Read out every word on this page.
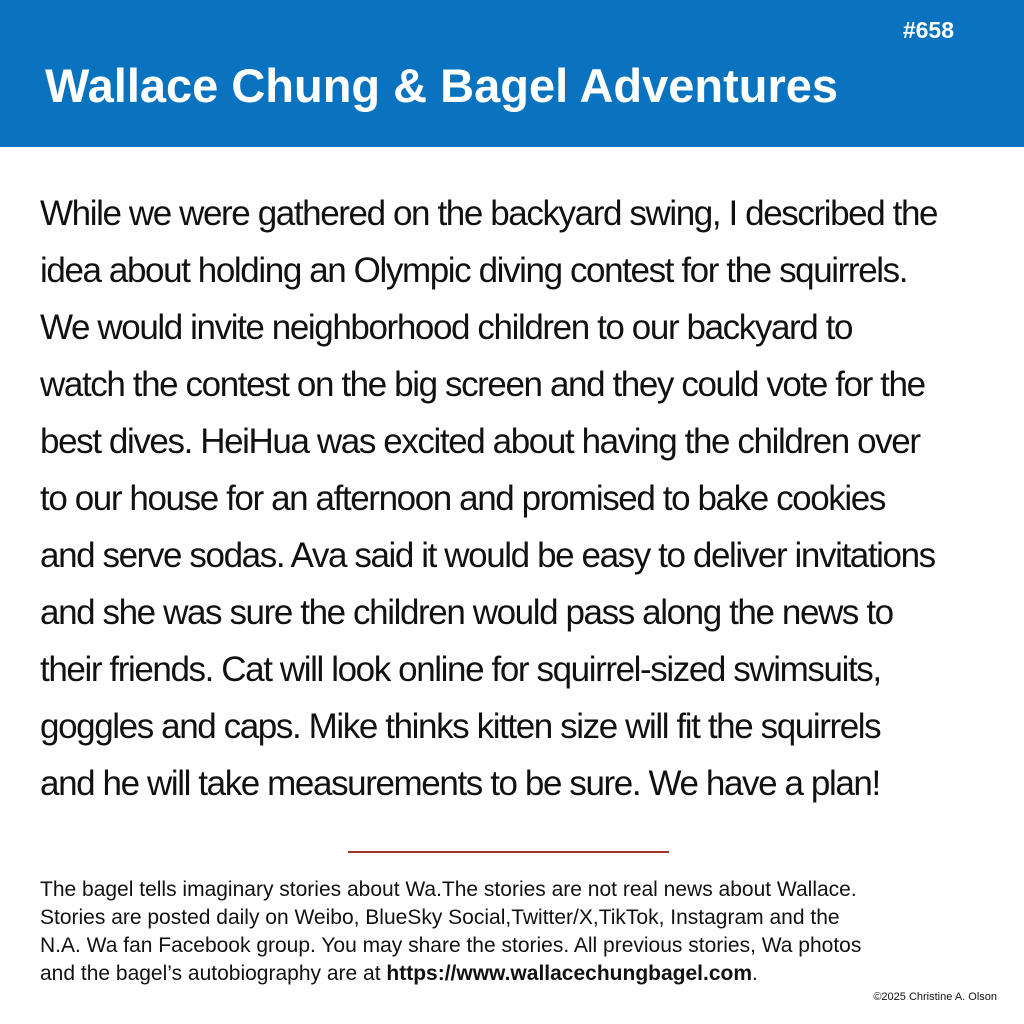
#658
Wallace Chung & Bagel Adventures

While we were gathered on the backyard swing, I described the
idea about holding an Olympic diving contest for the squirrels.
We would invite neighborhood children to our backyard to
watch the contest on the big screen and they could vote for the
best dives. HeiHua was excited about having the children over
to our house for an afternoon and promised to bake cookies
and serve sodas. Ava said it would be easy to deliver invitations
and she was sure the children would pass along the news to
their friends. Cat will look online for squirrel-sized swimsuits,
goggles and caps. Mike thinks kitten size will fit the squirrels
and he will take measurements to be sure. We have a plan!

The bagel tells imaginary stories about Wa.The stories are not real news about Wallace.
Stories are posted daily on Weibo, BlueSky Social,Twitter/X,TikTok, Instagram and the
N.A. Wa fan Facebook group. You may share the stories. All previous stories, Wa photos
and the bagel’s autobiography are at https://www.wallacechungbagel.com.

©2025 Christine A. Olson
